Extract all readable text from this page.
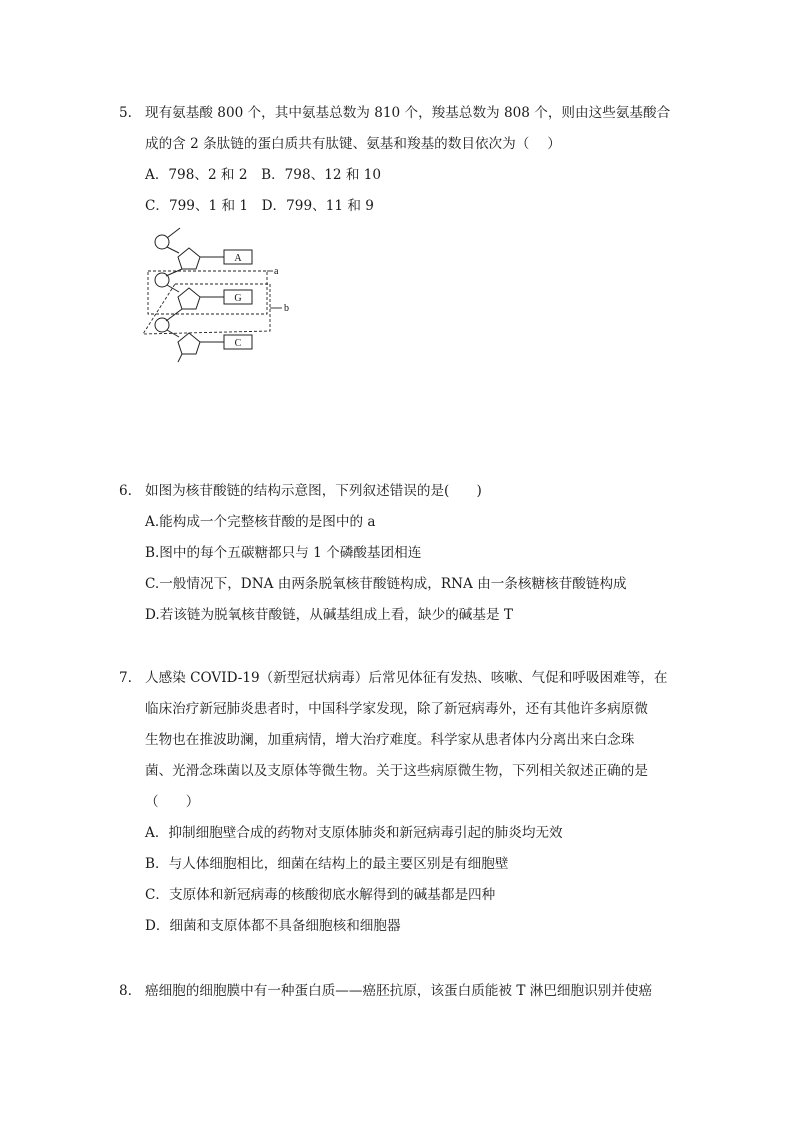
5. 现有氨基酸 800 个，其中氨基总数为 810 个，羧基总数为 808 个，则由这些氨基酸合
成的含 2 条肽链的蛋白质共有肽键、氨基和羧基的数目依次为（　 ）
A．798、2 和 2　B．798、12 和 10
C．799、1 和 1　D．799、11 和 9
A
G
C
a
b
6. 如图为核苷酸链的结构示意图，下列叙述错误的是(　　)
A.能构成一个完整核苷酸的是图中的 a
B.图中的每个五碳糖都只与 1 个磷酸基团相连
C.一般情况下，DNA 由两条脱氧核苷酸链构成，RNA 由一条核糖核苷酸链构成
D.若该链为脱氧核苷酸链，从碱基组成上看，缺少的碱基是 T
7. 人感染 COVID-19（新型冠状病毒）后常见体征有发热、咳嗽、气促和呼吸困难等，在
临床治疗新冠肺炎患者时，中国科学家发现，除了新冠病毒外，还有其他许多病原微
生物也在推波助澜，加重病情，增大治疗难度。科学家从患者体内分离出来白念珠
菌、光滑念珠菌以及支原体等微生物。关于这些病原微生物，下列相关叙述正确的是
（　　）
A．抑制细胞壁合成的药物对支原体肺炎和新冠病毒引起的肺炎均无效
B．与人体细胞相比，细菌在结构上的最主要区别是有细胞壁
C．支原体和新冠病毒的核酸彻底水解得到的碱基都是四种
D．细菌和支原体都不具备细胞核和细胞器
8. 癌细胞的细胞膜中有一种蛋白质——癌胚抗原，该蛋白质能被 T 淋巴细胞识别并使癌
